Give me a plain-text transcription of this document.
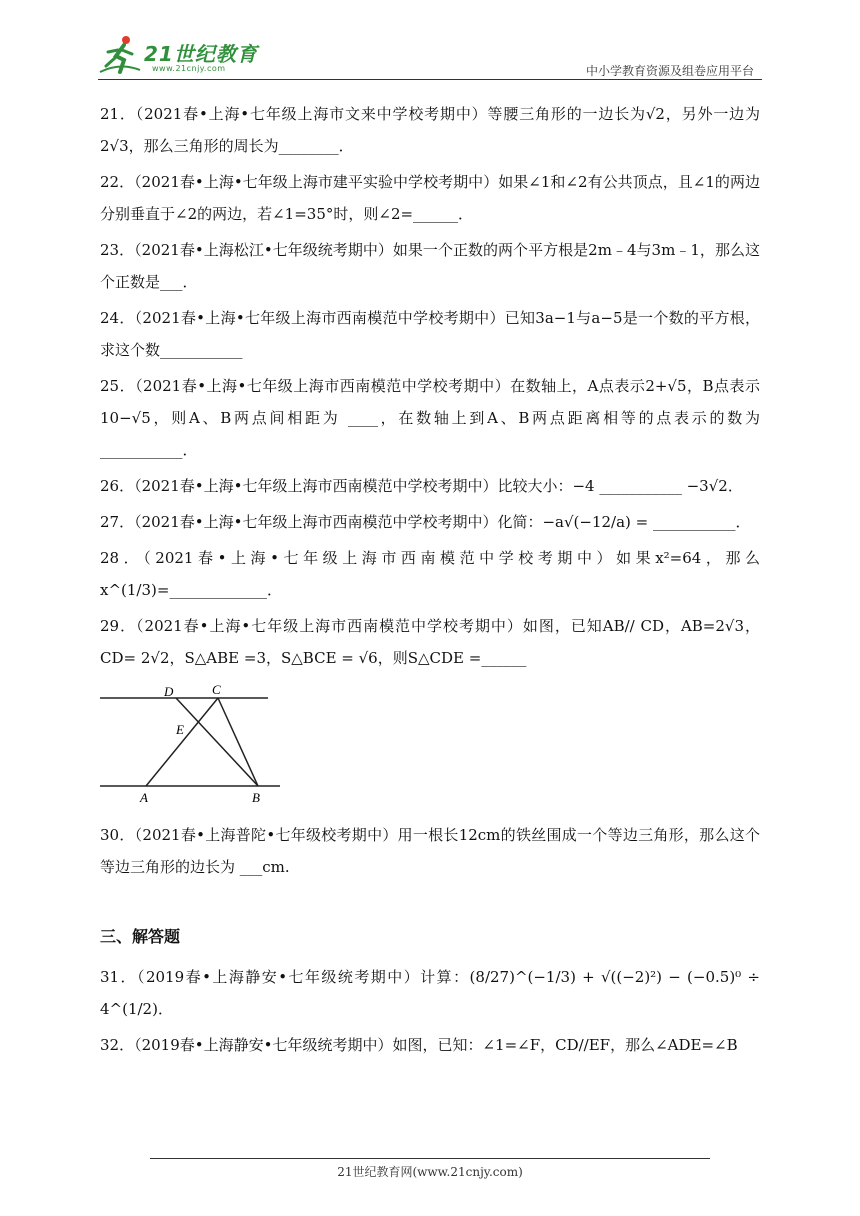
21世纪教育
www.21cnjy.com	中小学教育资源及组卷应用平台
21．（2021春•上海•七年级上海市文来中学校考期中）等腰三角形的一边长为√2，另外一边为2√3，那么三角形的周长为________．
22．（2021春•上海•七年级上海市建平实验中学校考期中）如果∠1和∠2有公共顶点，且∠1的两边分别垂直于∠2的两边，若∠1=35°时，则∠2=______．
23．（2021春•上海松江•七年级统考期中）如果一个正数的两个平方根是2m﹣4与3m﹣1，那么这个正数是___．
24．（2021春•上海•七年级上海市西南模范中学校考期中）已知3a−1与a−5是一个数的平方根，求这个数___________
25．（2021春•上海•七年级上海市西南模范中学校考期中）在数轴上，A点表示2+√5，B点表示10−√5，则A、B两点间相距为 ____，在数轴上到A、B两点距离相等的点表示的数为___________．
26．（2021春•上海•七年级上海市西南模范中学校考期中）比较大小：−4 ___________ −3√2．
27．（2021春•上海•七年级上海市西南模范中学校考期中）化简：−a√(−12/a) = ___________．
28．（2021春•上海•七年级上海市西南模范中学校考期中）如果x²=64，那么x^(1/3)=_____________．
29．（2021春•上海•七年级上海市西南模范中学校考期中）如图，已知AB// CD，AB=2√3，CD= 2√2，S△ABE =3，S△BCE = √6，则S△CDE =______
D	C
E
A	B
30．（2021春•上海普陀•七年级校考期中）用一根长12cm的铁丝围成一个等边三角形，那么这个等边三角形的边长为 ___cm.
三、解答题
31．（2019春•上海静安•七年级统考期中）计算：(8/27)^(−1/3) + √((−2)²) − (−0.5)⁰ ÷ 4^(1/2)．
32．（2019春•上海静安•七年级统考期中）如图，已知：∠1=∠F，CD//EF，那么∠ADE=∠B
21世纪教育网(www.21cnjy.com)
